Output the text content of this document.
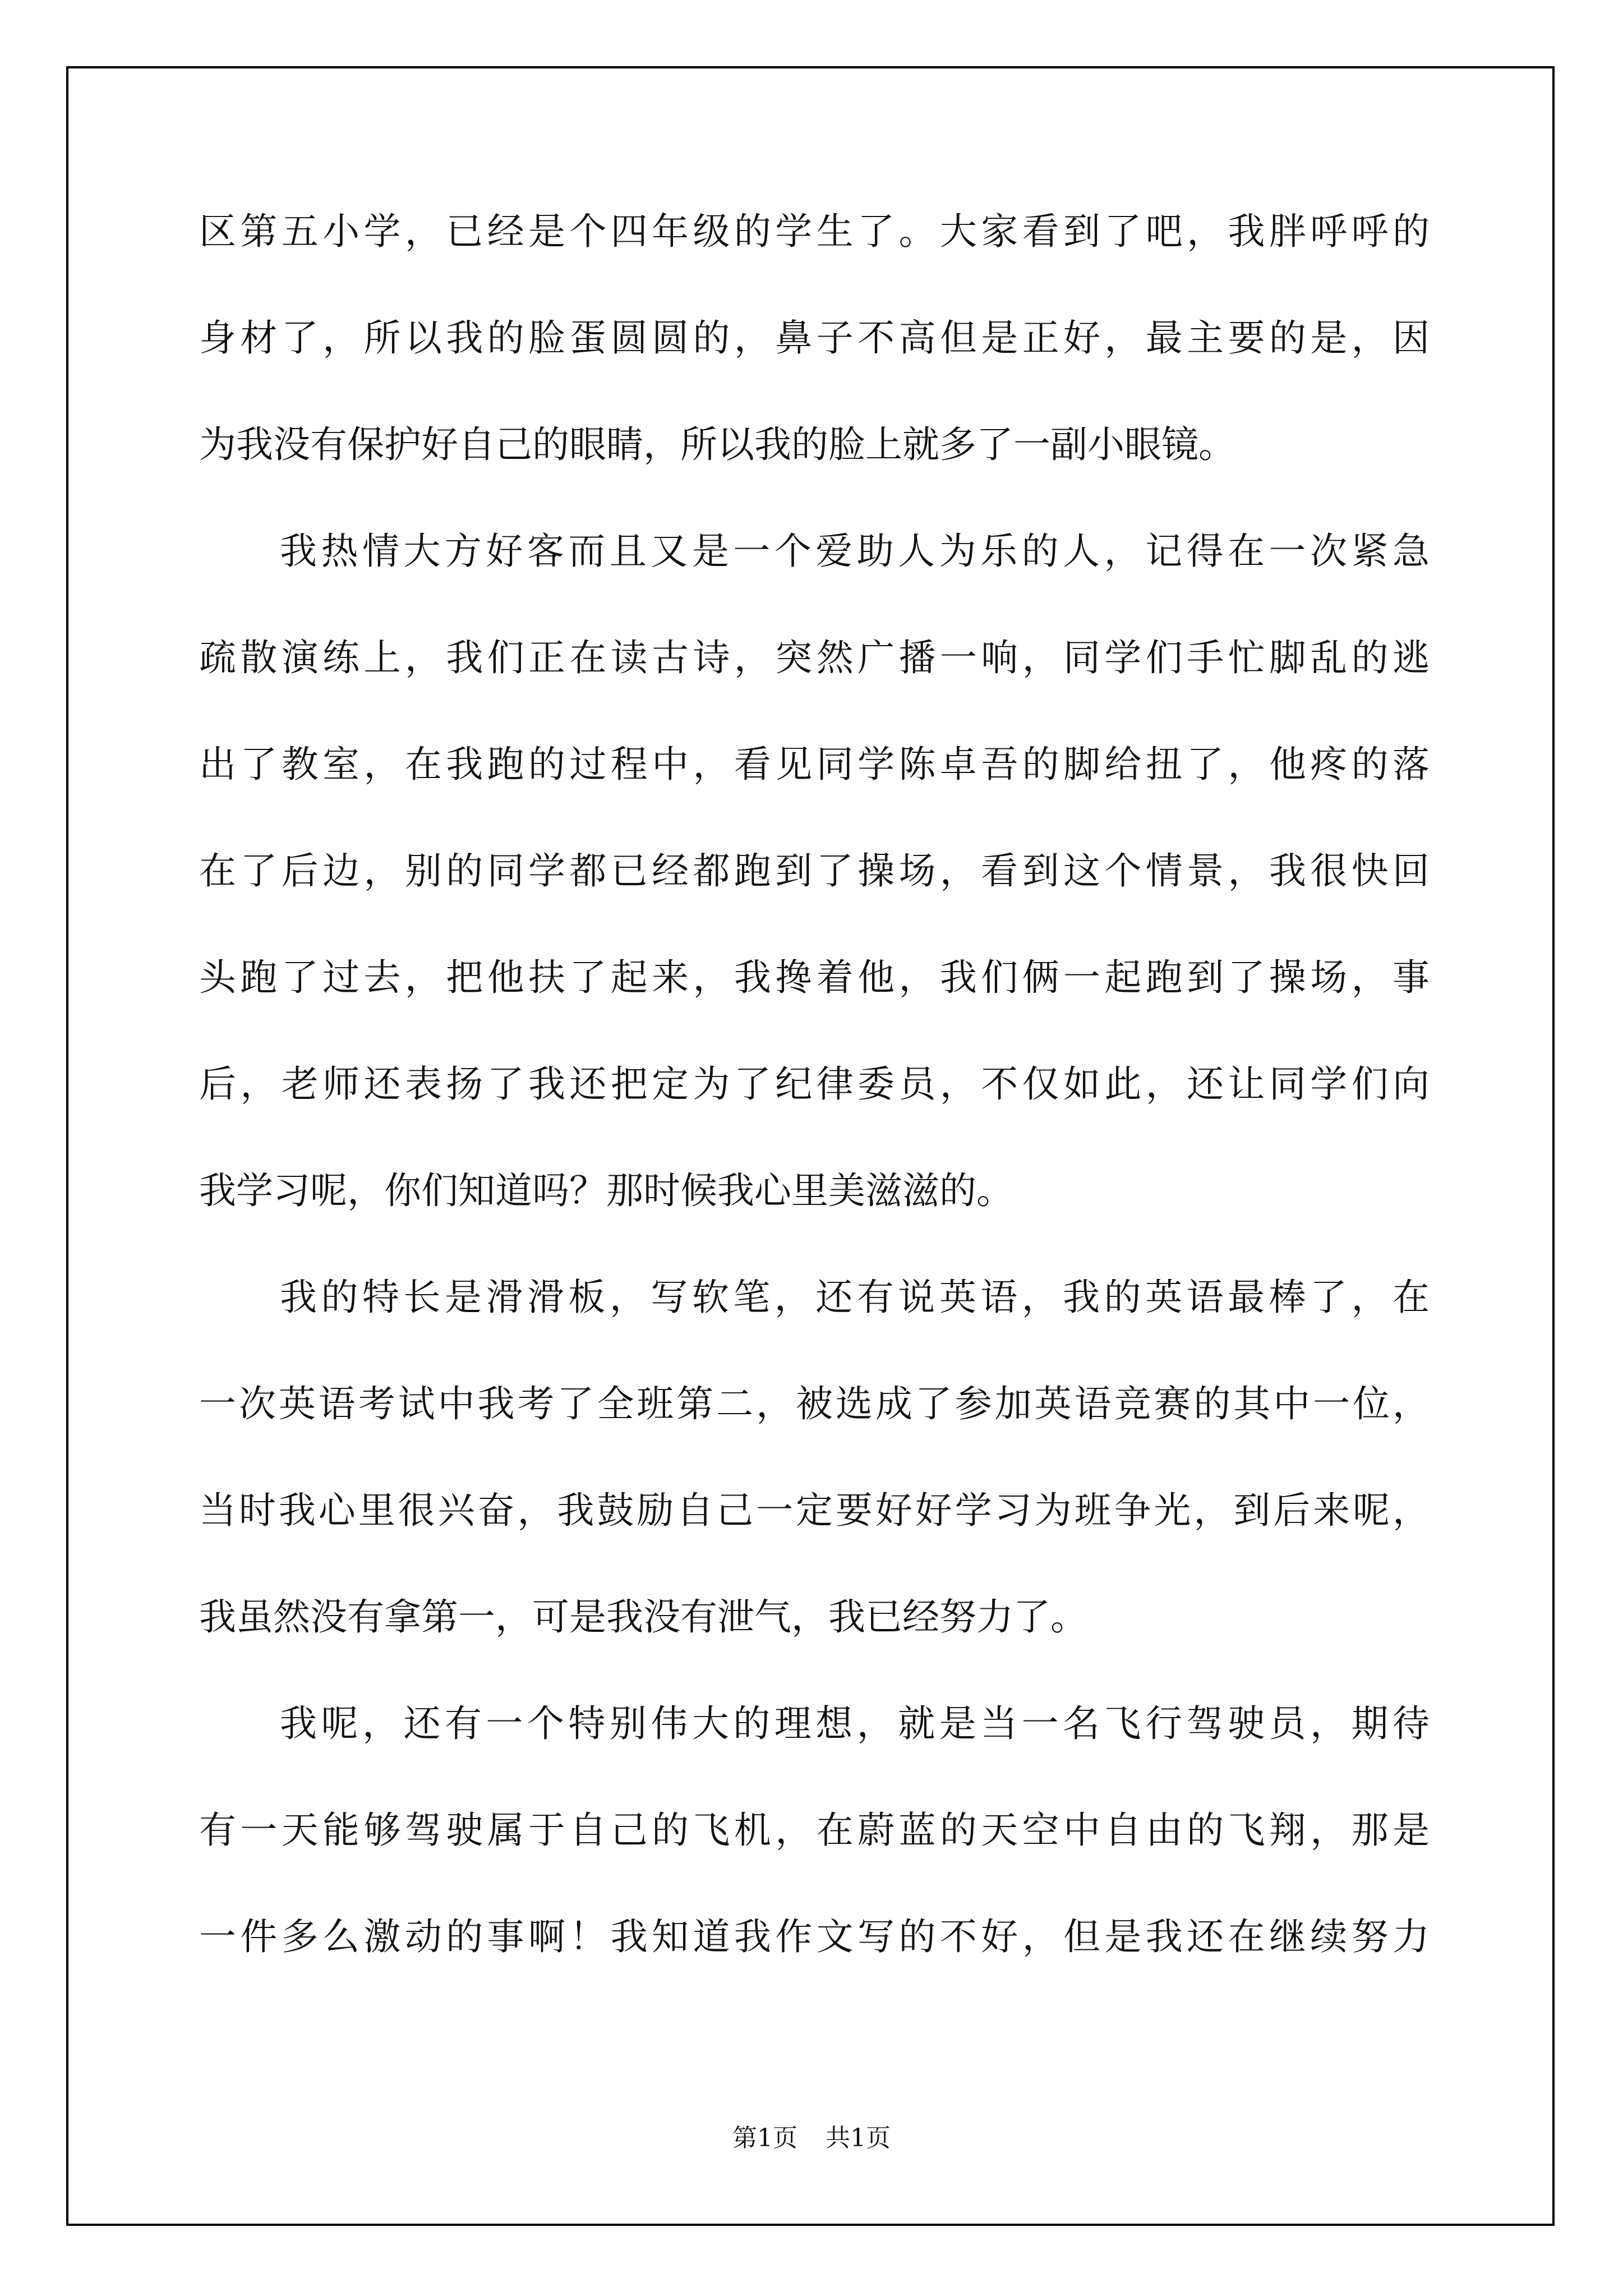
区第五小学，已经是个四年级的学生了。大家看到了吧，我胖呼呼的
身材了，所以我的脸蛋圆圆的，鼻子不高但是正好，最主要的是，因
为我没有保护好自己的眼睛，所以我的脸上就多了一副小眼镜。
我热情大方好客而且又是一个爱助人为乐的人，记得在一次紧急
疏散演练上，我们正在读古诗，突然广播一响，同学们手忙脚乱的逃
出了教室，在我跑的过程中，看见同学陈卓吾的脚给扭了，他疼的落
在了后边，别的同学都已经都跑到了操场，看到这个情景，我很快回
头跑了过去，把他扶了起来，我搀着他，我们俩一起跑到了操场，事
后，老师还表扬了我还把定为了纪律委员，不仅如此，还让同学们向
我学习呢，你们知道吗？那时候我心里美滋滋的。
我的特长是滑滑板，写软笔，还有说英语，我的英语最棒了，在
一次英语考试中我考了全班第二，被选成了参加英语竞赛的其中一位，
当时我心里很兴奋，我鼓励自己一定要好好学习为班争光，到后来呢，
我虽然没有拿第一，可是我没有泄气，我已经努力了。
我呢，还有一个特别伟大的理想，就是当一名飞行驾驶员，期待
有一天能够驾驶属于自己的飞机，在蔚蓝的天空中自由的飞翔，那是
一件多么激动的事啊！我知道我作文写的不好，但是我还在继续努力
第1页 共1页
